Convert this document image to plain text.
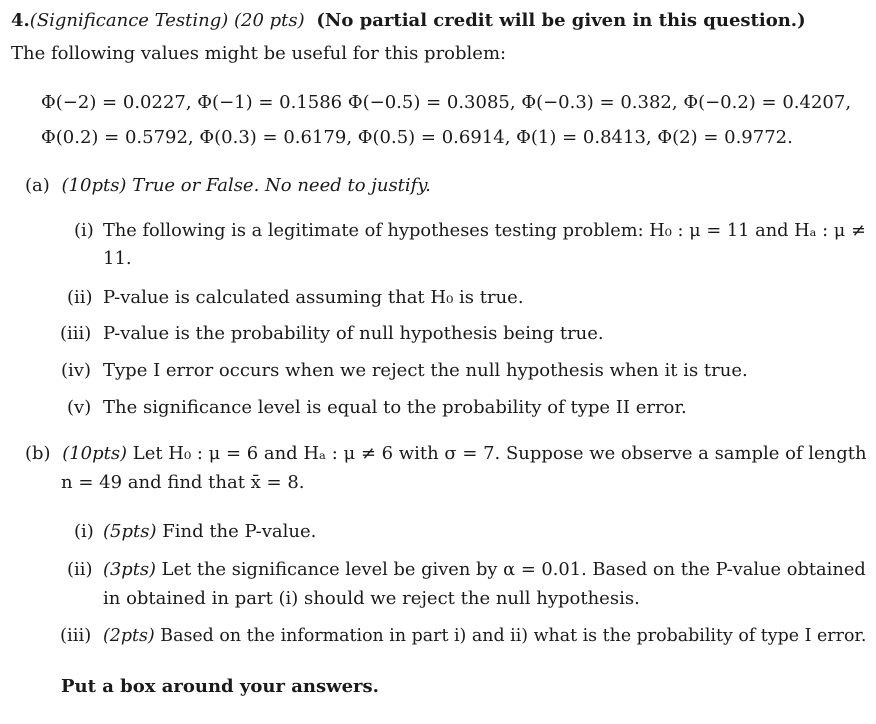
4.(Significance Testing) (20 pts) (No partial credit will be given in this question.)
The following values might be useful for this problem:
Φ(−2) = 0.0227, Φ(−1) = 0.1586 Φ(−0.5) = 0.3085, Φ(−0.3) = 0.382, Φ(−0.2) = 0.4207,
Φ(0.2) = 0.5792, Φ(0.3) = 0.6179, Φ(0.5) = 0.6914, Φ(1) = 0.8413, Φ(2) = 0.9772.
(a) (10pts) True or False. No need to justify.
(i) The following is a legitimate of hypotheses testing problem: H₀ : μ = 11 and Hₐ : μ ≠
11.
(ii) P-value is calculated assuming that H₀ is true.
(iii) P-value is the probability of null hypothesis being true.
(iv) Type I error occurs when we reject the null hypothesis when it is true.
(v) The significance level is equal to the probability of type II error.
(b) (10pts) Let H₀ : μ = 6 and Hₐ : μ ≠ 6 with σ = 7. Suppose we observe a sample of length
n = 49 and find that x̄ = 8.
(i) (5pts) Find the P-value.
(ii) (3pts) Let the significance level be given by α = 0.01. Based on the P-value obtained
in obtained in part (i) should we reject the null hypothesis.
(iii) (2pts) Based on the information in part i) and ii) what is the probability of type I error.
Put a box around your answers.
